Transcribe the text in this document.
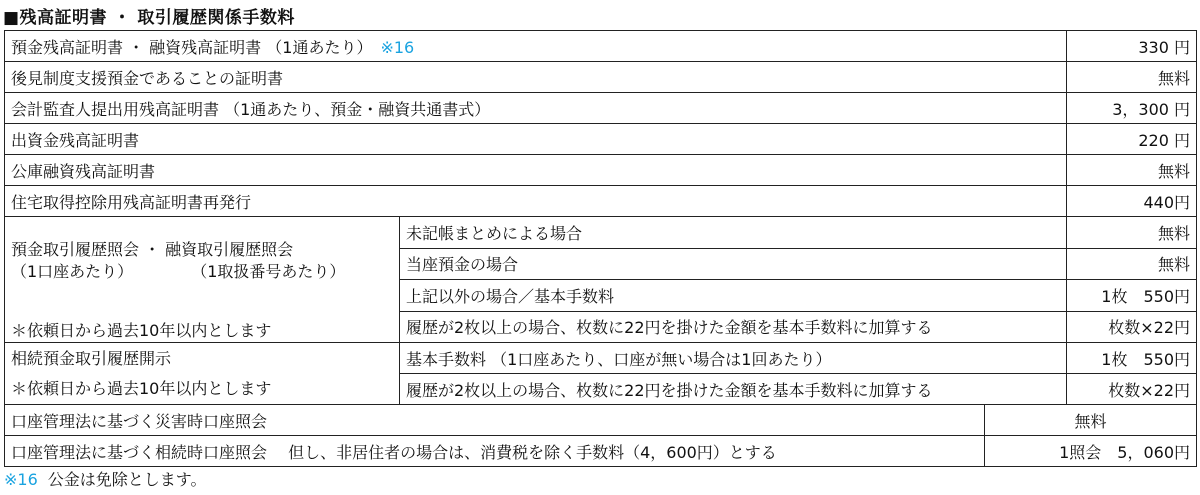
■残高証明書 ・ 取引履歴関係手数料
預金残高証明書 ・ 融資残高証明書 （1通あたり） ※16			330 円
後見制度支援預金であることの証明書			無料
会計監査人提出用残高証明書 （1通あたり、預金・融資共通書式）			3，300 円
出資金残高証明書			220 円
公庫融資残高証明書			無料
住宅取得控除用残高証明書再発行			440円

預金取引履歴照会 ・ 融資取引履歴照会
（1口座あたり） （1取扱番号あたり）
＊依頼日から過去10年以内とします	未記帳まとめによる場合		無料
	当座預金の場合		無料
	上記以外の場合／基本手数料		1枚　550円
	履歴が2枚以上の場合、枚数に22円を掛けた金額を基本手数料に加算する		枚数×22円

相続預金取引履歴開示
＊依頼日から過去10年以内とします	基本手数料 （1口座あたり、口座が無い場合は1回あたり）		1枚　550円
	履歴が2枚以上の場合、枚数に22円を掛けた金額を基本手数料に加算する		枚数×22円
口座管理法に基づく災害時口座照会		無料	
口座管理法に基づく相続時口座照会　 但し、非居住者の場合は、消費税を除く手数料（4，600円）とする		1照会　5，060円	
※16 公金は免除とします。
